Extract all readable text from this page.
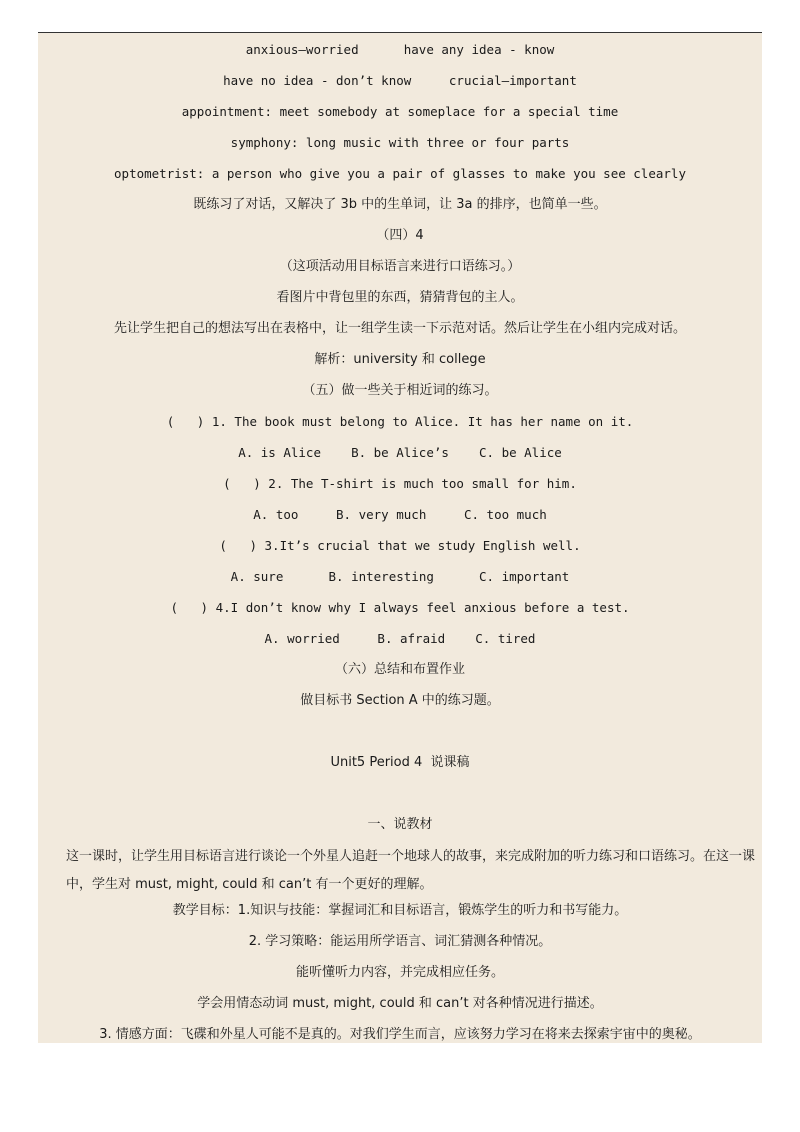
anxious—worried      have any idea - know
have no idea - don’t know     crucial—important
appointment: meet somebody at someplace for a special time
symphony: long music with three or four parts
optometrist: a person who give you a pair of glasses to make you see clearly
既练习了对话，又解决了 3b 中的生单词，让 3a 的排序，也简单一些。
（四）4
（这项活动用目标语言来进行口语练习。）
看图片中背包里的东西，猜猜背包的主人。
先让学生把自己的想法写出在表格中，让一组学生读一下示范对话。然后让学生在小组内完成对话。
解析：university 和 college
（五）做一些关于相近词的练习。
(   ) 1. The book must belong to Alice. It has her name on it.
A. is Alice    B. be Alice’s    C. be Alice
(   ) 2. The T-shirt is much too small for him.
A. too     B. very much     C. too much
(   ) 3.It’s crucial that we study English well.
A. sure      B. interesting      C. important
(   ) 4.I don’t know why I always feel anxious before a test.
A. worried     B. afraid    C. tired
（六）总结和布置作业
做目标书 Section A 中的练习题。
Unit5 Period 4  说课稿
一、说教材
这一课时，让学生用目标语言进行谈论一个外星人追赶一个地球人的故事，来完成附加的听力练习和口语练习。在这一课中，学生对 must, might, could 和 can’t 有一个更好的理解。
教学目标：1.知识与技能：掌握词汇和目标语言，锻炼学生的听力和书写能力。
2. 学习策略：能运用所学语言、词汇猜测各种情况。
能听懂听力内容，并完成相应任务。
学会用情态动词 must, might, could 和 can’t 对各种情况进行描述。
3. 情感方面：飞碟和外星人可能不是真的。对我们学生而言，应该努力学习在将来去探索宇宙中的奥秘。
